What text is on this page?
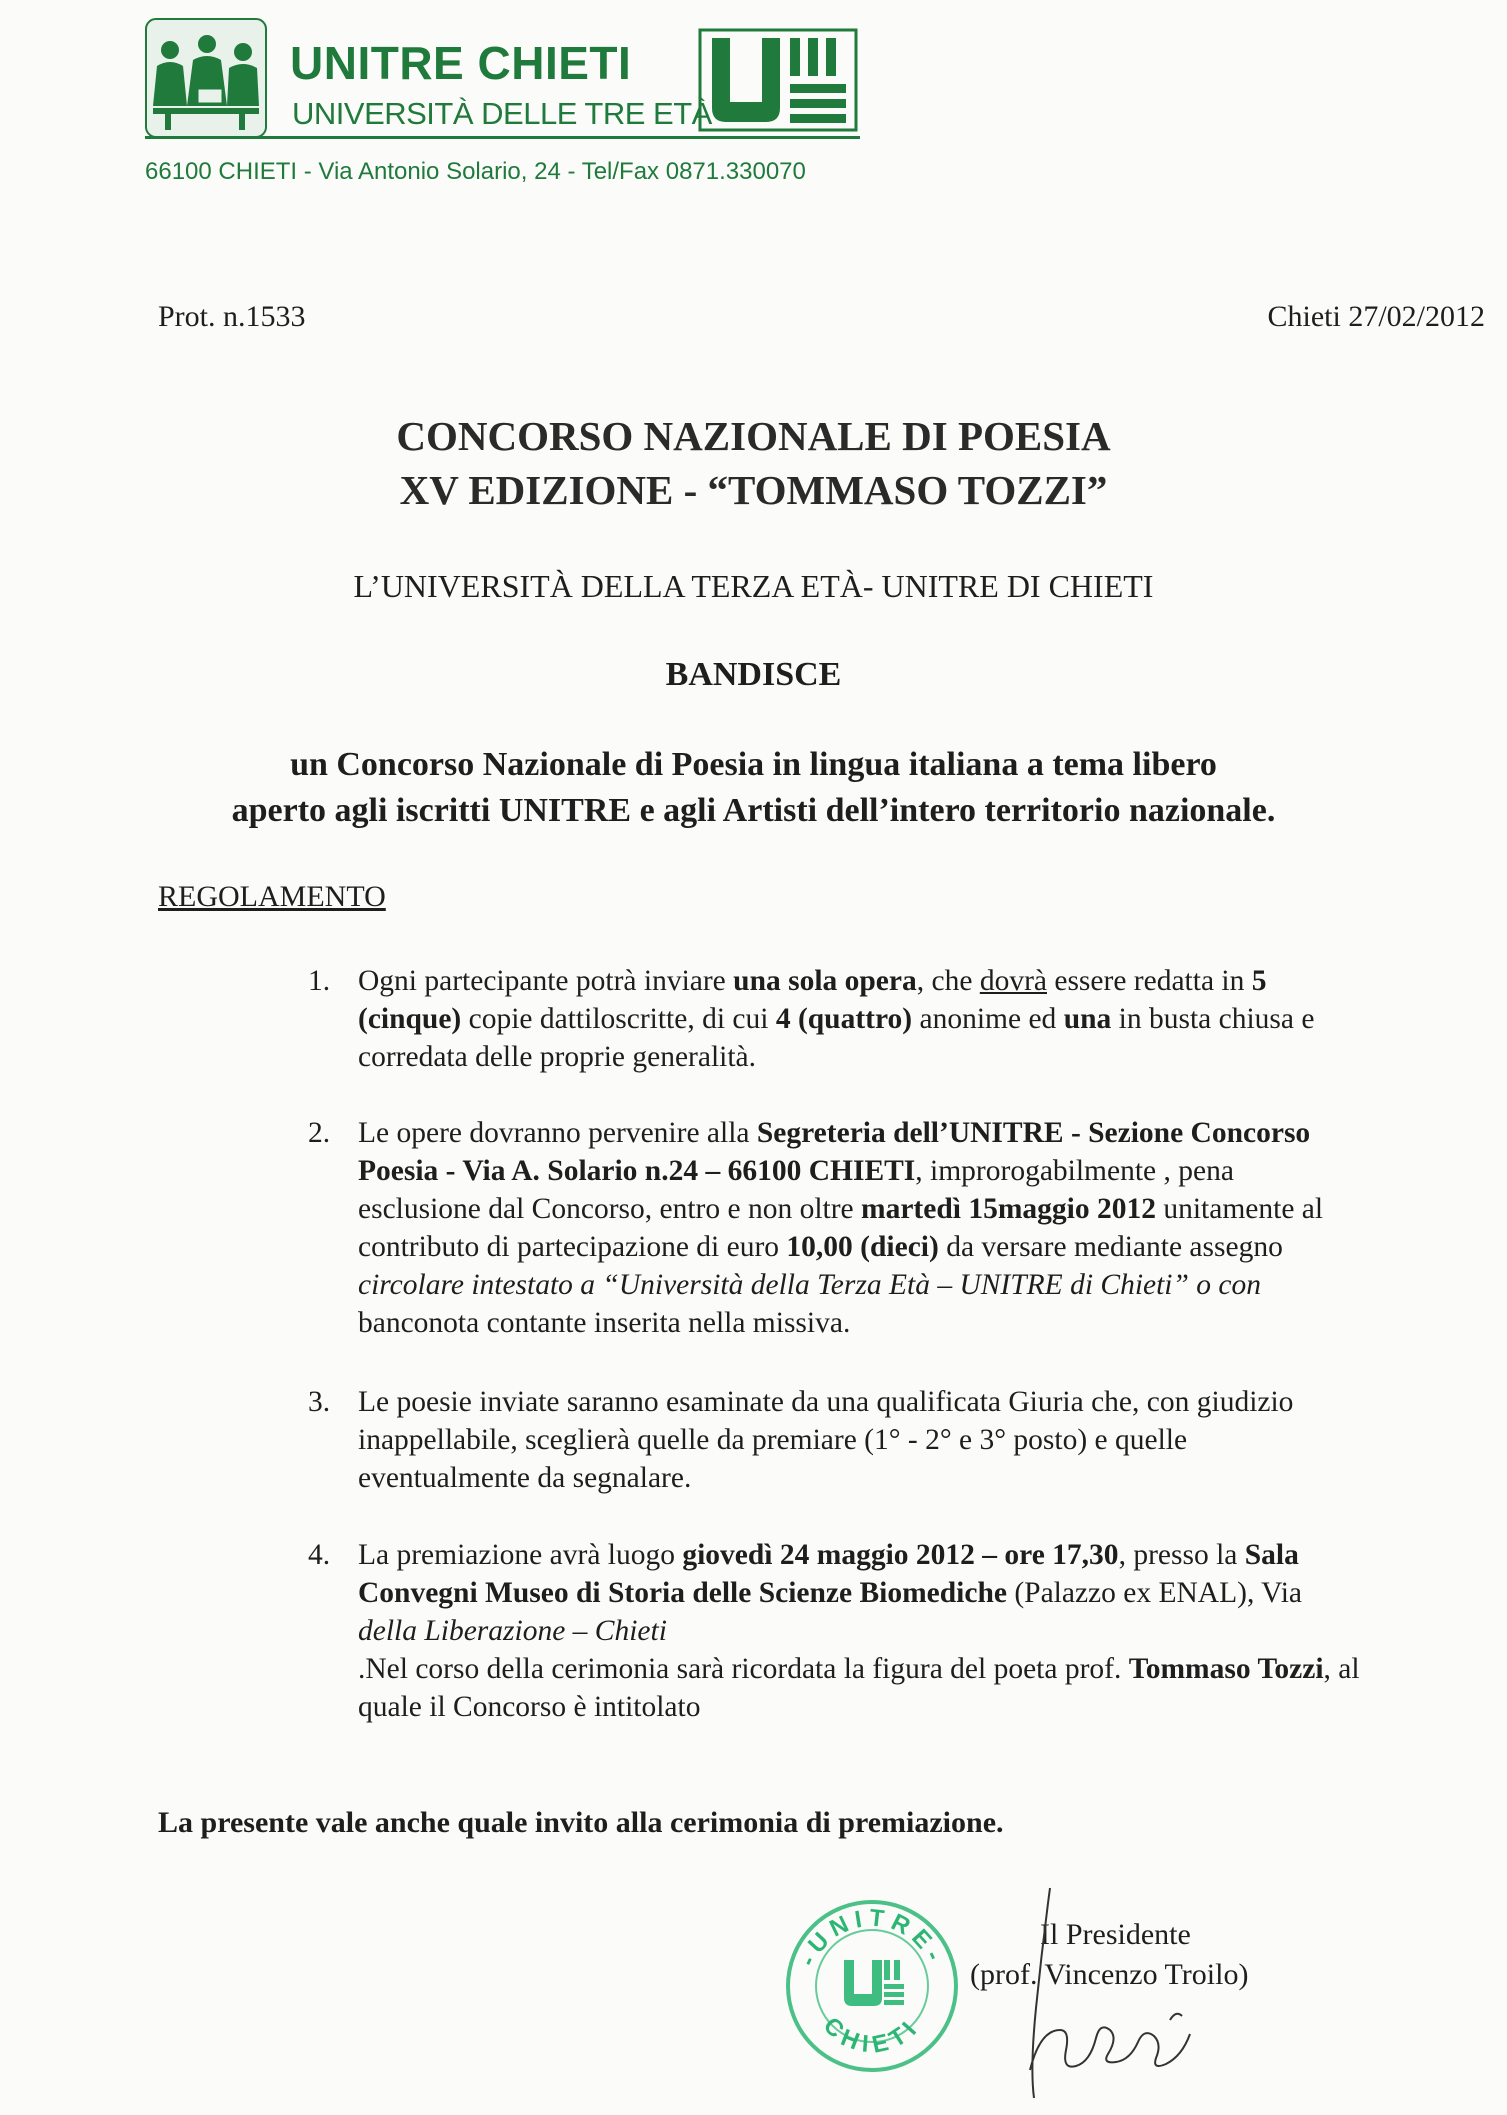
UNITRE CHIETI
UNIVERSITÀ DELLE TRE ETÀ
66100 CHIETI - Via Antonio Solario, 24 - Tel/Fax 0871.330070
Prot. n.1533	Chieti 27/02/2012
CONCORSO NAZIONALE DI POESIA
XV EDIZIONE - “TOMMASO TOZZI”
L’UNIVERSITÀ DELLA TERZA ETÀ- UNITRE DI CHIETI
BANDISCE
un Concorso Nazionale di Poesia in lingua italiana a tema libero
aperto agli iscritti UNITRE e agli Artisti dell’intero territorio nazionale.
REGOLAMENTO
1. Ogni partecipante potrà inviare una sola opera, che dovrà essere redatta in 5
(cinque) copie dattiloscritte, di cui 4 (quattro) anonime ed una in busta chiusa e
corredata delle proprie generalità.
2. Le opere dovranno pervenire alla Segreteria dell’UNITRE - Sezione Concorso
Poesia - Via A. Solario n.24 – 66100 CHIETI, improrogabilmente , pena
esclusione dal Concorso, entro e non oltre martedì 15maggio 2012 unitamente al
contributo di partecipazione di euro 10,00 (dieci) da versare mediante assegno
circolare intestato a “Università della Terza Età – UNITRE di Chieti” o con
banconota contante inserita nella missiva.
3. Le poesie inviate saranno esaminate da una qualificata Giuria che, con giudizio
inappellabile, sceglierà quelle da premiare (1° - 2° e 3° posto) e quelle
eventualmente da segnalare.
4. La premiazione avrà luogo giovedì 24 maggio 2012 – ore 17,30, presso la Sala
Convegni Museo di Storia delle Scienze Biomediche (Palazzo ex ENAL), Via
della Liberazione – Chieti
.Nel corso della cerimonia sarà ricordata la figura del poeta prof. Tommaso Tozzi, al
quale il Concorso è intitolato
La presente vale anche quale invito alla cerimonia di premiazione.
-UNITRE-
CHIETI
Il Presidente
(prof. Vincenzo Troilo)
